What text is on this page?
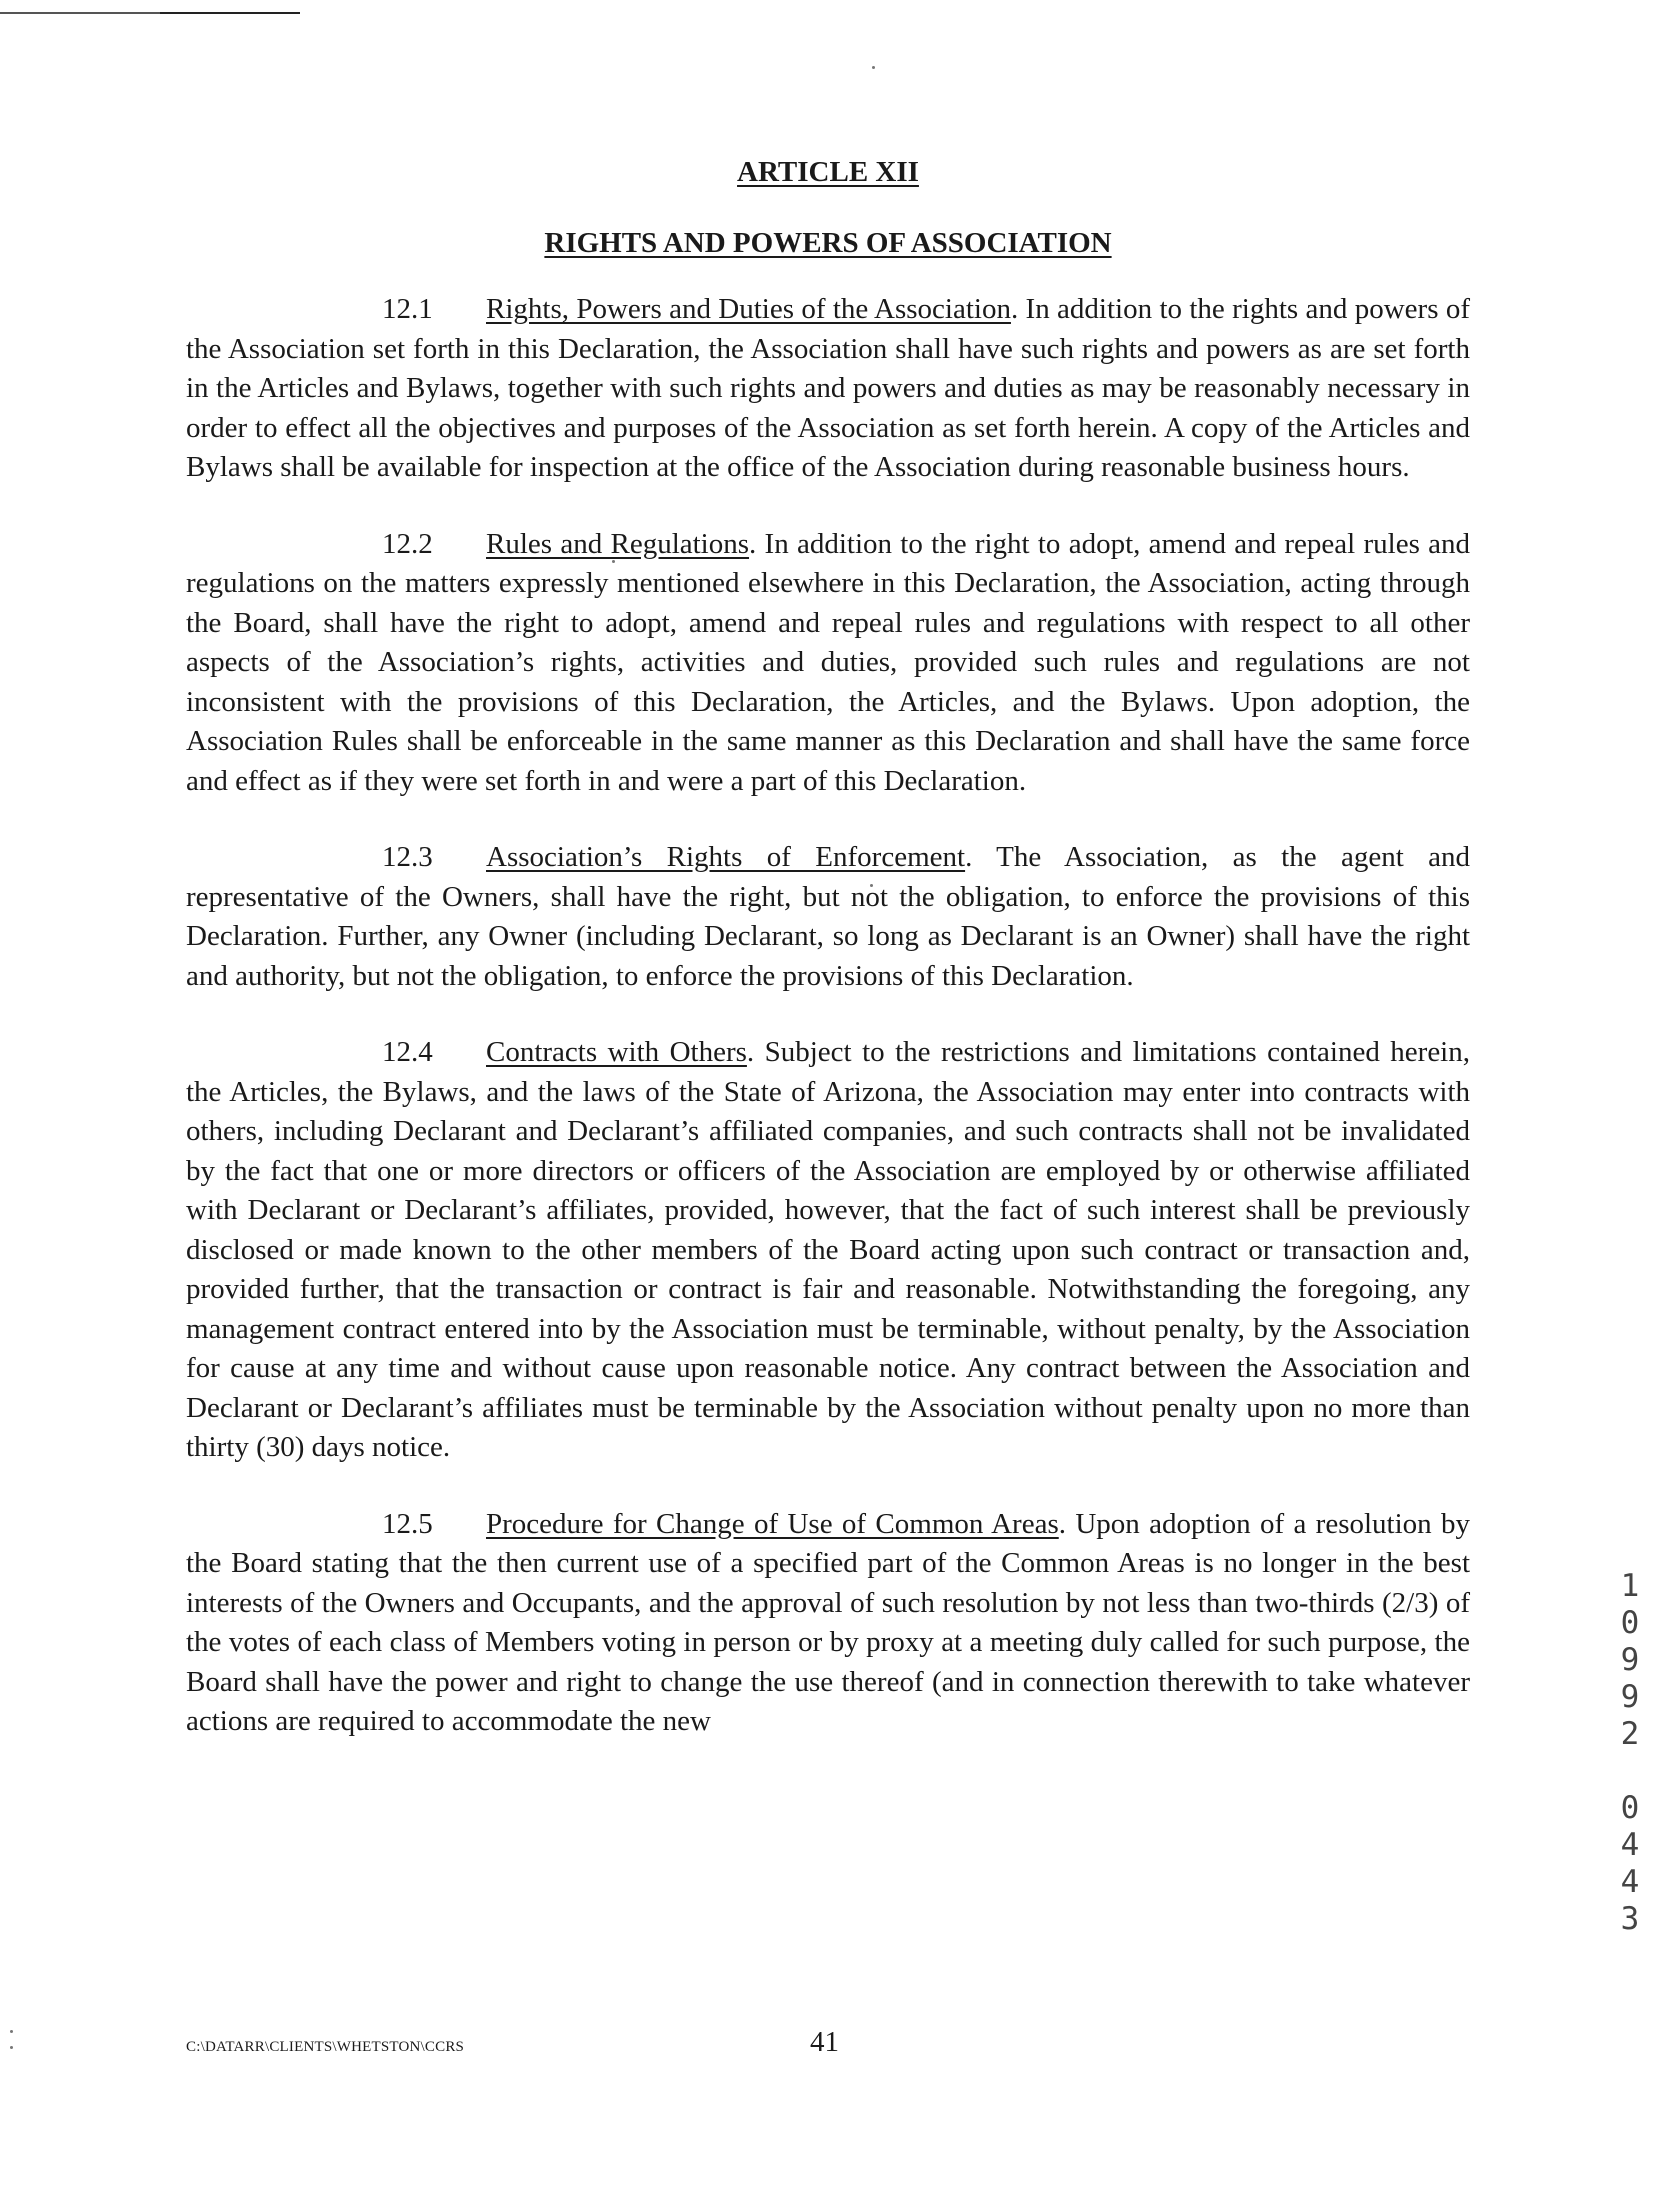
ARTICLE XII
RIGHTS AND POWERS OF ASSOCIATION

12.1 Rights, Powers and Duties of the Association. In addition to the rights and powers of the Association set forth in this Declaration, the Association shall have such rights and powers as are set forth in the Articles and Bylaws, together with such rights and powers and duties as may be reasonably necessary in order to effect all the objectives and purposes of the Association as set forth herein. A copy of the Articles and Bylaws shall be available for inspection at the office of the Association during reasonable business hours.

12.2 Rules and Regulations. In addition to the right to adopt, amend and repeal rules and regulations on the matters expressly mentioned elsewhere in this Declaration, the Association, acting through the Board, shall have the right to adopt, amend and repeal rules and regulations with respect to all other aspects of the Association’s rights, activities and duties, provided such rules and regulations are not inconsistent with the provisions of this Declaration, the Articles, and the Bylaws. Upon adoption, the Association Rules shall be enforceable in the same manner as this Declaration and shall have the same force and effect as if they were set forth in and were a part of this Declaration.

12.3 Association’s Rights of Enforcement. The Association, as the agent and representative of the Owners, shall have the right, but not the obligation, to enforce the provisions of this Declaration. Further, any Owner (including Declarant, so long as Declarant is an Owner) shall have the right and authority, but not the obligation, to enforce the provisions of this Declaration.

12.4 Contracts with Others. Subject to the restrictions and limitations contained herein, the Articles, the Bylaws, and the laws of the State of Arizona, the Association may enter into contracts with others, including Declarant and Declarant’s affiliated companies, and such contracts shall not be invalidated by the fact that one or more directors or officers of the Association are employed by or otherwise affiliated with Declarant or Declarant’s affiliates, provided, however, that the fact of such interest shall be previously disclosed or made known to the other members of the Board acting upon such contract or transaction and, provided further, that the transaction or contract is fair and reasonable. Notwithstanding the foregoing, any management contract entered into by the Association must be terminable, without penalty, by the Association for cause at any time and without cause upon reasonable notice. Any contract between the Association and Declarant or Declarant’s affiliates must be terminable by the Association without penalty upon no more than thirty (30) days notice.

12.5 Procedure for Change of Use of Common Areas. Upon adoption of a resolution by the Board stating that the then current use of a specified part of the Common Areas is no longer in the best interests of the Owners and Occupants, and the approval of such resolution by not less than two-thirds (2/3) of the votes of each class of Members voting in person or by proxy at a meeting duly called for such purpose, the Board shall have the power and right to change the use thereof (and in connection therewith to take whatever actions are required to accommodate the new

1
0
9
9
2
0
4
4
3
C:\DATARR\CLIENTS\WHETSTON\CCRS	41
